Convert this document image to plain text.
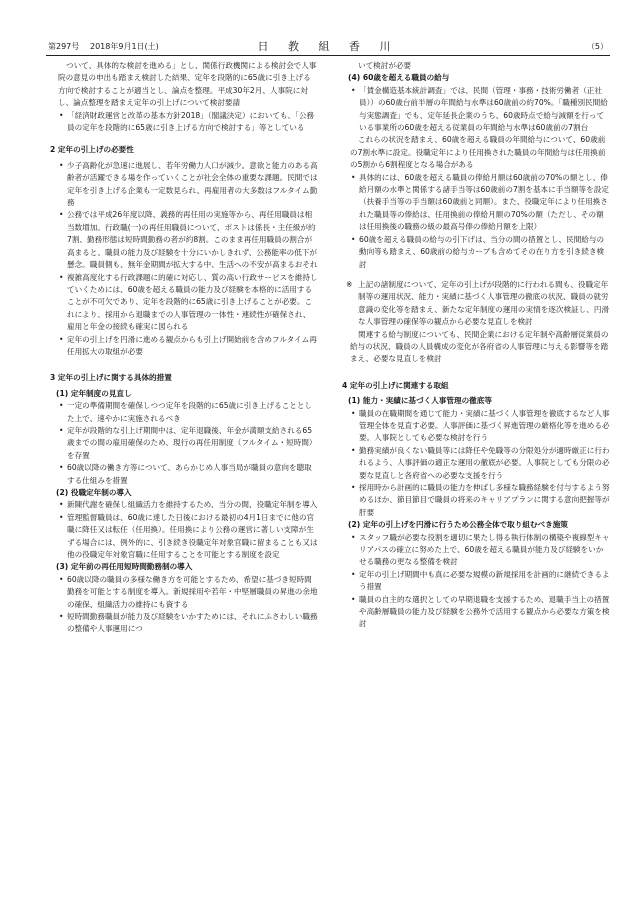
第297号 2018年9月1日(土)	日 教 組 香 川	（5）
ついて、具体的な検討を進める」とし、関係行政機関による検討会で人事院の意見の申出も踏まえ検討した結果、定年を段階的に65歳に引き上げる方向で検討することが適当とし、論点を整理。平成30年2月、人事院に対し、論点整理を踏まえ定年の引上げについて検討要請
• 「経済財政運営と改革の基本方針2018」（閣議決定）においても、「公務員の定年を段階的に65歳に引き上げる方向で検討する」等としている
2 定年の引上げの必要性
• 少子高齢化が急速に進展し、若年労働力人口が減少。意欲と能力のある高齢者が活躍できる場を作っていくことが社会全体の重要な課題。民間では定年を引き上げる企業も一定数見られ、再雇用者の大多数はフルタイム勤務
• 公務では平成26年度以降、義務的再任用の実施等から、再任用職員は相当数増加。行政職(一)の再任用職員について、ポストは係長・主任級が約7割、勤務形態は短時間勤務の者が約8割。このまま再任用職員の割合が高まると、職員の能力及び経験を十分にいかしきれず、公務能率の低下が懸念。職員側も、無年金期間が拡大する中、生活への不安が高まるおそれ
• 複雑高度化する行政課題に的確に対応し、質の高い行政サービスを維持していくためには、60歳を超える職員の能力及び経験を本格的に活用することが不可欠であり、定年を段階的に65歳に引き上げることが必要。これにより、採用から退職までの人事管理の一体性・連続性が確保され、雇用と年金の接続も確実に図られる
• 定年の引上げを円滑に進める観点からも引上げ開始前を含めフルタイム再任用拡大の取組が必要
3 定年の引上げに関する具体的措置
(1) 定年制度の見直し
• 一定の準備期間を確保しつつ定年を段階的に65歳に引き上げることとした上で、速やかに実施されるべき
• 定年が段階的な引上げ期間中は、定年退職後、年金が満額支給される65歳までの間の雇用確保のため、現行の再任用制度（フルタイム・短時間）を存置
• 60歳以降の働き方等について、あらかじめ人事当局が職員の意向を聴取する仕組みを措置
(2) 役職定年制の導入
• 新陳代謝を確保し組織活力を維持するため、当分の間、役職定年制を導入
• 管理監督職員は、60歳に達した日後における最初の4月1日までに他の官職に降任又は転任（任用換）。任用換により公務の運営に著しい支障が生ずる場合には、例外的に、引き続き役職定年対象官職に留まることも又は他の役職定年対象官職に任用することを可能とする制度を設定
(3) 定年前の再任用短時間勤務制の導入
• 60歳以降の職員の多様な働き方を可能とするため、希望に基づき短時間勤務を可能とする制度を導入。新規採用や若年・中堅層職員の昇進の余地の確保、組織活力の維持にも資する
• 短時間勤務職員が能力及び経験をいかすためには、それにふさわしい職務の整備や人事運用につ
いて検討が必要
(4) 60歳を超える職員の給与
• 「賃金構造基本統計調査」では、民間（管理・事務・技術労働者（正社員））の60歳台前半層の年間給与水準は60歳前の約70%。「職種別民間給与実態調査」でも、定年延長企業のうち、60歳時点で給与減額を行っている事業所の60歳を超える従業員の年間給与水準は60歳前の7割台
これらの状況を踏まえ、60歳を超える職員の年間給与について、60歳前の7割水準に設定。役職定年により任用換された職員の年間給与は任用換前の5割から6割程度となる場合がある
• 具体的には、60歳を超える職員の俸給月額は60歳前の70%の額とし、俸給月額の水準と関係する諸手当等は60歳前の7割を基本に手当額等を設定（扶養手当等の手当額は60歳前と同額）。また、役職定年により任用換された職員等の俸給は、任用換前の俸給月額の70%の額（ただし、その額は任用換後の職務の級の最高号俸の俸給月額を上限）
• 60歳を超える職員の給与の引下げは、当分の間の措置とし、民間給与の動向等も踏まえ、60歳前の給与カーブも含めてその在り方を引き続き検討
※ 上記の諸制度について、定年の引上げが段階的に行われる間も、役職定年制等の運用状況、能力・実績に基づく人事管理の徹底の状況、職員の就労意識の変化等を踏まえ、新たな定年制度の運用の実情を逐次検証し、円滑な人事管理の確保等の観点から必要な見直しを検討
関連する給与制度についても、民間企業における定年制や高齢層従業員の給与の状況、職員の人員構成の変化が各府省の人事管理に与える影響等を踏まえ、必要な見直しを検討
4 定年の引上げに関連する取組
(1) 能力・実績に基づく人事管理の徹底等
• 職員の在職期間を通じて能力・実績に基づく人事管理を徹底するなど人事管理全体を見直す必要。人事評価に基づく昇進管理の厳格化等を進める必要。人事院としても必要な検討を行う
• 勤務実績が良くない職員等には降任や免職等の分限処分が適時厳正に行われるよう、人事評価の適正な運用の徹底が必要。人事院としても分限の必要な見直しと各府省への必要な支援を行う
• 採用時から計画的に職員の能力を伸ばし多様な職務経験を付与するよう努めるほか、節目節目で職員の将来のキャリアプランに関する意向把握等が肝要
(2) 定年の引上げを円滑に行うため公務全体で取り組むべき施策
• スタッフ職が必要な役割を適切に果たし得る執行体制の構築や複線型キャリアパスの確立に努めた上で、60歳を超える職員が能力及び経験をいかせる職務の更なる整備を検討
• 定年の引上げ期間中も真に必要な規模の新規採用を計画的に継続できるよう措置
• 職員の自主的な選択としての早期退職を支援するため、退職手当上の措置や高齢層職員の能力及び経験を公務外で活用する観点から必要な方策を検討
